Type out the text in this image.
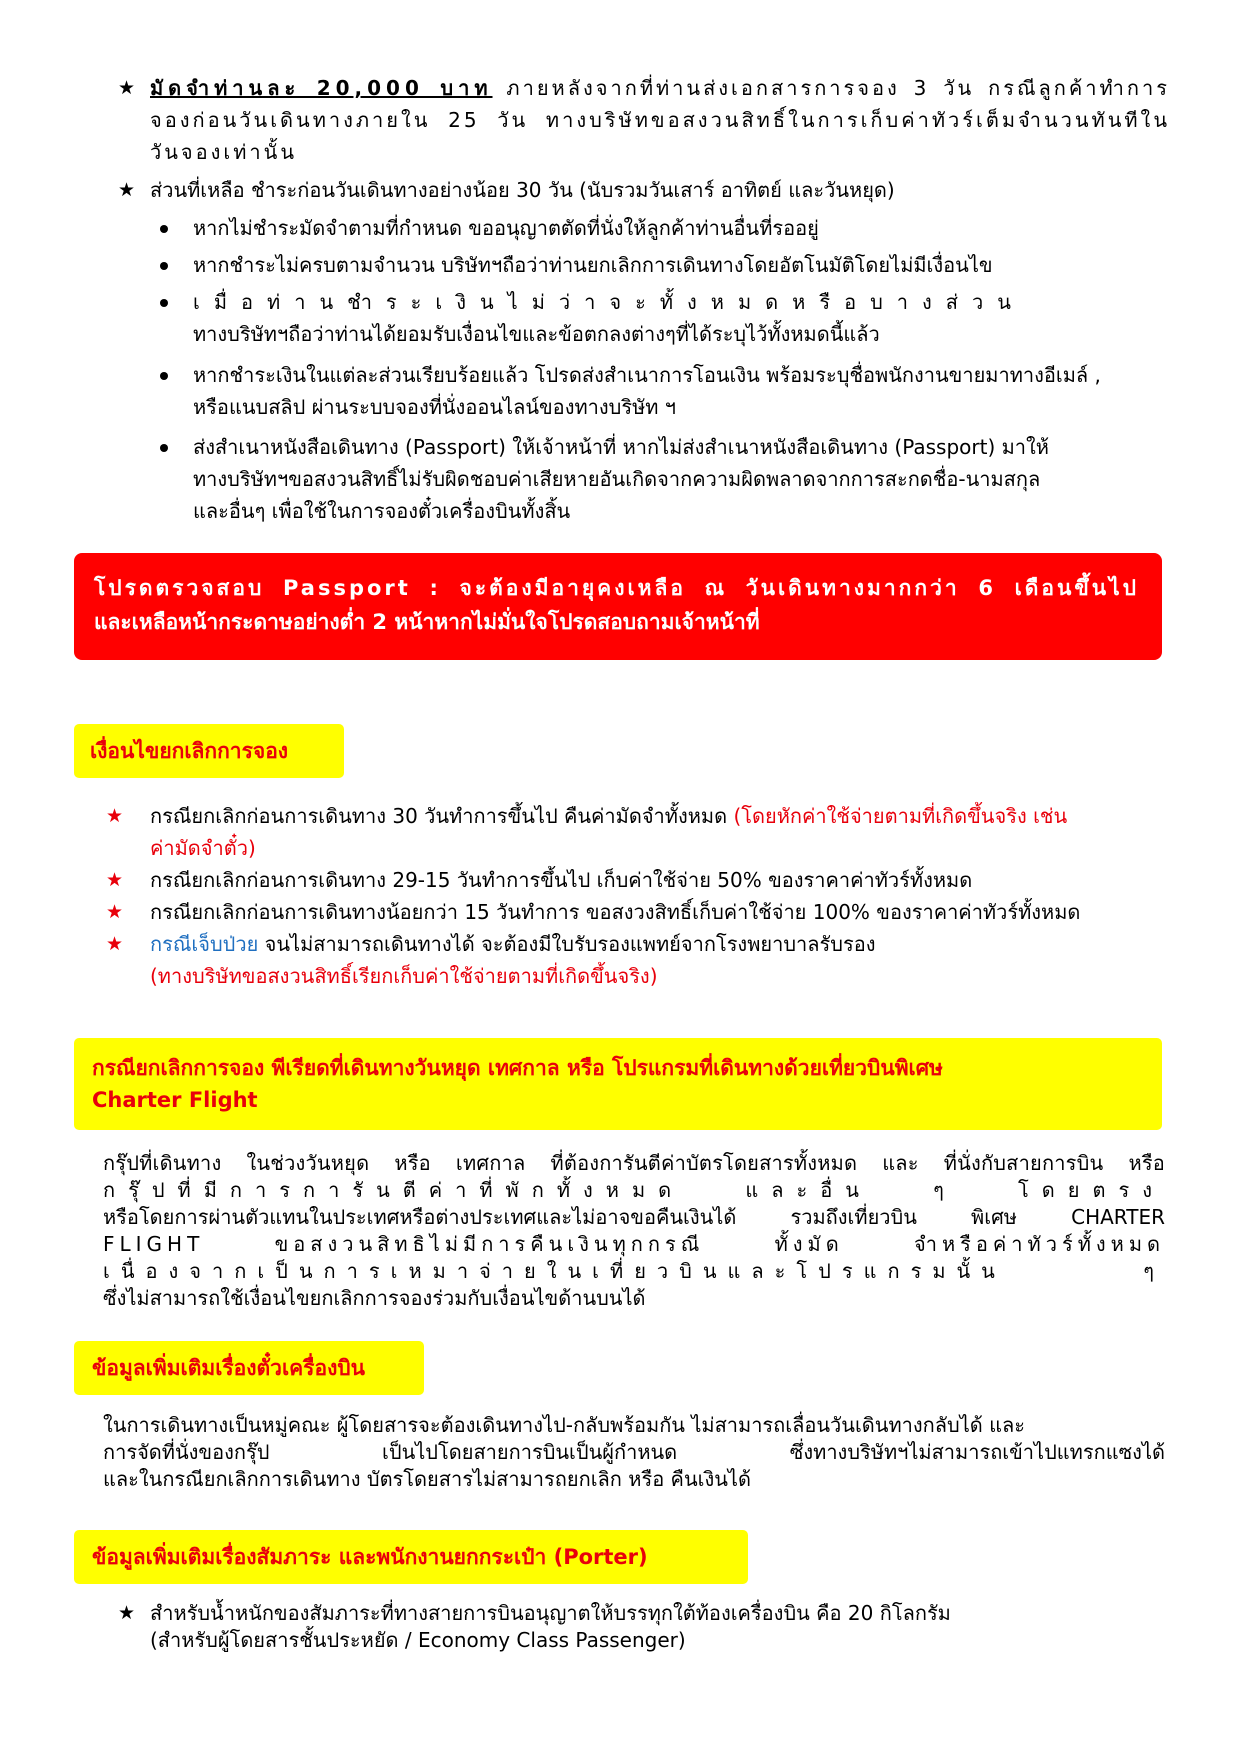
★ มัดจำท่านละ 20,000 บาท ภายหลังจากที่ท่านส่งเอกสารการจอง 3 วัน กรณีลูกค้าทำการจองก่อนวันเดินทางภายใน 25 วัน ทางบริษัทขอสงวนสิทธิ์ในการเก็บค่าทัวร์เต็มจำนวนทันทีในวันจองเท่านั้น
★ ส่วนที่เหลือ ชำระก่อนวันเดินทางอย่างน้อย 30 วัน (นับรวมวันเสาร์ อาทิตย์ และวันหยุด)
หากไม่ชำระมัดจำตามที่กำหนด ขออนุญาตตัดที่นั่งให้ลูกค้าท่านอื่นที่รออยู่
หากชำระไม่ครบตามจำนวน บริษัทฯถือว่าท่านยกเลิกการเดินทางโดยอัตโนมัติโดยไม่มีเงื่อนไข
เมื่อท่านชำระเงินไม่ว่าจะทั้งหมดหรือบางส่วน
ทางบริษัทฯถือว่าท่านได้ยอมรับเงื่อนไขและข้อตกลงต่างๆที่ได้ระบุไว้ทั้งหมดนี้แล้ว
หากชำระเงินในแต่ละส่วนเรียบร้อยแล้ว โปรดส่งสำเนาการโอนเงิน พร้อมระบุชื่อพนักงานขายมาทางอีเมล์ ,
หรือแนบสลิป ผ่านระบบจองที่นั่งออนไลน์ของทางบริษัท ฯ
ส่งสำเนาหนังสือเดินทาง (Passport) ให้เจ้าหน้าที่ หากไม่ส่งสำเนาหนังสือเดินทาง (Passport) มาให้
ทางบริษัทฯขอสงวนสิทธิ์ไม่รับผิดชอบค่าเสียหายอันเกิดจากความผิดพลาดจากการสะกดชื่อ-นามสกุล
และอื่นๆ เพื่อใช้ในการจองตั๋วเครื่องบินทั้งสิ้น
โปรดตรวจสอบ Passport : จะต้องมีอายุคงเหลือ ณ วันเดินทางมากกว่า 6 เดือนขึ้นไป
และเหลือหน้ากระดาษอย่างต่ำ 2 หน้าหากไม่มั่นใจโปรดสอบถามเจ้าหน้าที่
เงื่อนไขยกเลิกการจอง
★ กรณียกเลิกก่อนการเดินทาง 30 วันทำการขึ้นไป คืนค่ามัดจำทั้งหมด (โดยหักค่าใช้จ่ายตามที่เกิดขึ้นจริง เช่น
ค่ามัดจำตั๋ว)
★ กรณียกเลิกก่อนการเดินทาง 29-15 วันทำการขึ้นไป เก็บค่าใช้จ่าย 50% ของราคาค่าทัวร์ทั้งหมด
★ กรณียกเลิกก่อนการเดินทางน้อยกว่า 15 วันทำการ ขอสงวงสิทธิ์เก็บค่าใช้จ่าย 100% ของราคาค่าทัวร์ทั้งหมด
★ กรณีเจ็บป่วย จนไม่สามารถเดินทางได้ จะต้องมีใบรับรองแพทย์จากโรงพยาบาลรับรอง
(ทางบริษัทขอสงวนสิทธิ์เรียกเก็บค่าใช้จ่ายตามที่เกิดขึ้นจริง)
กรณียกเลิกการจอง พีเรียดที่เดินทางวันหยุด เทศกาล หรือ โปรแกรมที่เดินทางด้วยเที่ยวบินพิเศษ
Charter Flight
กรุ๊ปที่เดินทาง ในช่วงวันหยุด หรือ เทศกาล ที่ต้องการันตีค่าบัตรโดยสารทั้งหมด และ ที่นั่งกับสายการบิน หรือ
กรุ๊ปที่มีการการันตีค่าที่พักทั้งหมด และอื่น ๆ โดยตรง
หรือโดยการผ่านตัวแทนในประเทศหรือต่างประเทศและไม่อาจขอคืนเงินได้ รวมถึงเที่ยวบิน พิเศษ CHARTER
FLIGHT ขอสงวนสิทธิไม่มีการคืนเงินทุกกรณี ทั้งมัด จำหรือค่าทัวร์ทั้งหมด
เนื่องจากเป็นการเหมาจ่ายในเที่ยวบินและโปรแกรมนั้น ๆ
ซึ่งไม่สามารถใช้เงื่อนไขยกเลิกการจองร่วมกับเงื่อนไขด้านบนได้
ข้อมูลเพิ่มเติมเรื่องตั๋วเครื่องบิน
ในการเดินทางเป็นหมู่คณะ ผู้โดยสารจะต้องเดินทางไป-กลับพร้อมกัน ไม่สามารถเลื่อนวันเดินทางกลับได้ และ
การจัดที่นั่งของกรุ๊ป เป็นไปโดยสายการบินเป็นผู้กำหนด ซึ่งทางบริษัทฯไม่สามารถเข้าไปแทรกแซงได้
และในกรณียกเลิกการเดินทาง บัตรโดยสารไม่สามารถยกเลิก หรือ คืนเงินได้
ข้อมูลเพิ่มเติมเรื่องสัมภาระ และพนักงานยกกระเป๋า (Porter)
★ สำหรับน้ำหนักของสัมภาระที่ทางสายการบินอนุญาตให้บรรทุกใต้ท้องเครื่องบิน คือ 20 กิโลกรัม
(สำหรับผู้โดยสารชั้นประหยัด / Economy Class Passenger)
